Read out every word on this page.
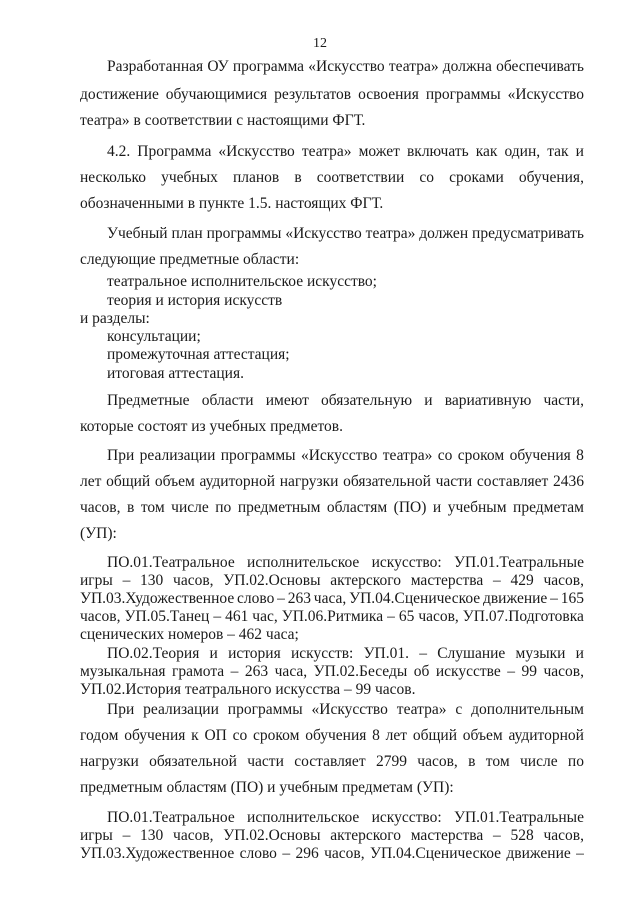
12
Разработанная ОУ программа «Искусство театра» должна обеспечивать
достижение обучающимися результатов освоения программы «Искусство
театра» в соответствии с настоящими ФГТ.
4.2. Программа «Искусство театра» может включать как один, так и
несколько учебных планов в соответствии со сроками обучения,
обозначенными в пункте 1.5. настоящих ФГТ.
Учебный план программы «Искусство театра» должен предусматривать
следующие предметные области:
театральное исполнительское искусство;
теория и история искусств
и разделы:
консультации;
промежуточная аттестация;
итоговая аттестация.
Предметные области имеют обязательную и вариативную части,
которые состоят из учебных предметов.
При реализации программы «Искусство театра» со сроком обучения 8
лет общий объем аудиторной нагрузки обязательной части составляет 2436
часов, в том числе по предметным областям (ПО) и учебным предметам
(УП):
ПО.01.Театральное исполнительское искусство: УП.01.Театральные
игры – 130 часов, УП.02.Основы актерского мастерства – 429 часов,
УП.03.Художественное слово – 263 часа, УП.04.Сценическое движение – 165
часов, УП.05.Танец – 461 час, УП.06.Ритмика – 65 часов, УП.07.Подготовка
сценических номеров – 462 часа;
ПО.02.Теория и история искусств: УП.01. – Слушание музыки и
музыкальная грамота – 263 часа, УП.02.Беседы об искусстве – 99 часов,
УП.02.История театрального искусства – 99 часов.
При реализации программы «Искусство театра» с дополнительным
годом обучения к ОП со сроком обучения 8 лет общий объем аудиторной
нагрузки обязательной части составляет 2799 часов, в том числе по
предметным областям (ПО) и учебным предметам (УП):
ПО.01.Театральное исполнительское искусство: УП.01.Театральные
игры – 130 часов, УП.02.Основы актерского мастерства – 528 часов,
УП.03.Художественное слово – 296 часов, УП.04.Сценическое движение –
